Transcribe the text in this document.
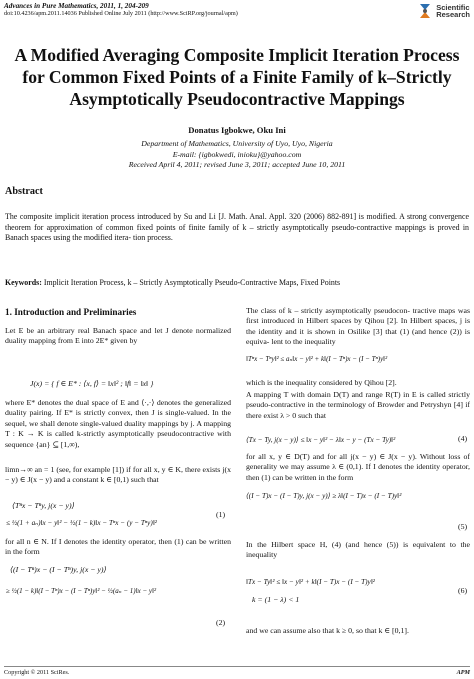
Advances in Pure Mathematics, 2011, 1, 204-209
doi:10.4236/apm.2011.14036 Published Online July 2011 (http://www.SciRP.org/journal/apm)
Scientific
Research
A Modified Averaging Composite Implicit Iteration Process
for Common Fixed Points of a Finite Family of k–Strictly
Asymptotically Pseudocontractive Mappings
Donatus Igbokwe, Oku Ini
Department of Mathematics, University of Uyo, Uyo, Nigeria
E-mail: {igbokwedi, inioku}@yahoo.com
Received April 4, 2011; revised June 3, 2011; accepted June 10, 2011
Abstract
The composite implicit iteration process introduced by Su and Li [J. Math. Anal. Appl. 320 (2006) 882-891] is modified. A strong convergence theorem for approximation of common fixed points of finite family of k – strictly asymptotically pseudo-contractive mappings is proved in Banach spaces using the modified itera- tion process.
Keywords: Implicit Iteration Process, k – Strictly Asymptotically Pseudo-Contractive Maps, Fixed Points
1. Introduction and Preliminaries
Let E be an arbitrary real Banach space and let J denote normalized duality mapping from E into 2E* given by
J(x) = { f ∈ E* : ⟨x, f⟩ = ‖x‖² ; ‖f‖ = ‖x‖ }
where E* denotes the dual space of E and ⟨·,·⟩ denotes the generalized duality pairing. If E* is strictly convex, then J is single-valued. In the sequel, we shall denote single-valued duality mappings by j. A mapping T : K → K is called k-strictly asymptotically pseudocontractive with sequence {an} ⊆ [1,∞),
limn→∞ an = 1 (see, for example [1]) if for all x, y ∈ K, there exists j(x − y) ∈ J(x − y) and a constant k ∈ [0,1) such that
⟨Tⁿx − Tⁿy, j(x − y)⟩
≤ ½(1 + aₙ)‖x − y‖² − ½(1 − k)‖x − Tⁿx − (y − Tⁿy)‖²
(1)
for all n ∈ N. If I denotes the identity operator, then (1) can be written in the form
⟨(I − Tⁿ)x − (I − Tⁿ)y, j(x − y)⟩
≥ ½(1 − k)‖(I − Tⁿ)x − (I − Tⁿ)y‖² − ½(aₙ − 1)‖x − y‖²
(2)
The class of k – strictly asymptotically pseudocon- tractive maps was first introduced in Hilbert spaces by Qihou [2]. In Hilbert spaces, j is the identity and it is shown in Osilike [3] that (1) (and hence (2)) is equiva- lent to the inequality
‖Tⁿx − Tⁿy‖² ≤ aₙ‖x − y‖² + k‖(I − Tⁿ)x − (I − Tⁿ)y‖²
which is the inequality considered by Qihou [2].
A mapping T with domain D(T) and range R(T) in E is called strictly pseudo-contractive in the terminology of Browder and Petryshyn [4] if there exist λ > 0 such that
⟨Tx − Ty, j(x − y)⟩ ≤ ‖x − y‖² − λ‖x − y − (Tx − Ty)‖²	(4)
for all x, y ∈ D(T) and for all j(x − y) ∈ J(x − y). Without loss of generality we may assume λ ∈ (0,1). If I denotes the identity operator, then (1) can be written in the form
⟨(I − T)x − (I − T)y, j(x − y)⟩ ≥ λ‖(I − T)x − (I − T)y‖²
(5)
In the Hilbert space H, (4) (and hence (5)) is equivalent to the inequality
‖Tx − Ty‖² ≤ ‖x − y‖² + k‖(I − T)x − (I − T)y‖²
k = (1 − λ) < 1
(6)
and we can assume also that k ≥ 0, so that k ∈ [0,1].
Copyright © 2011 SciRes.	APM
